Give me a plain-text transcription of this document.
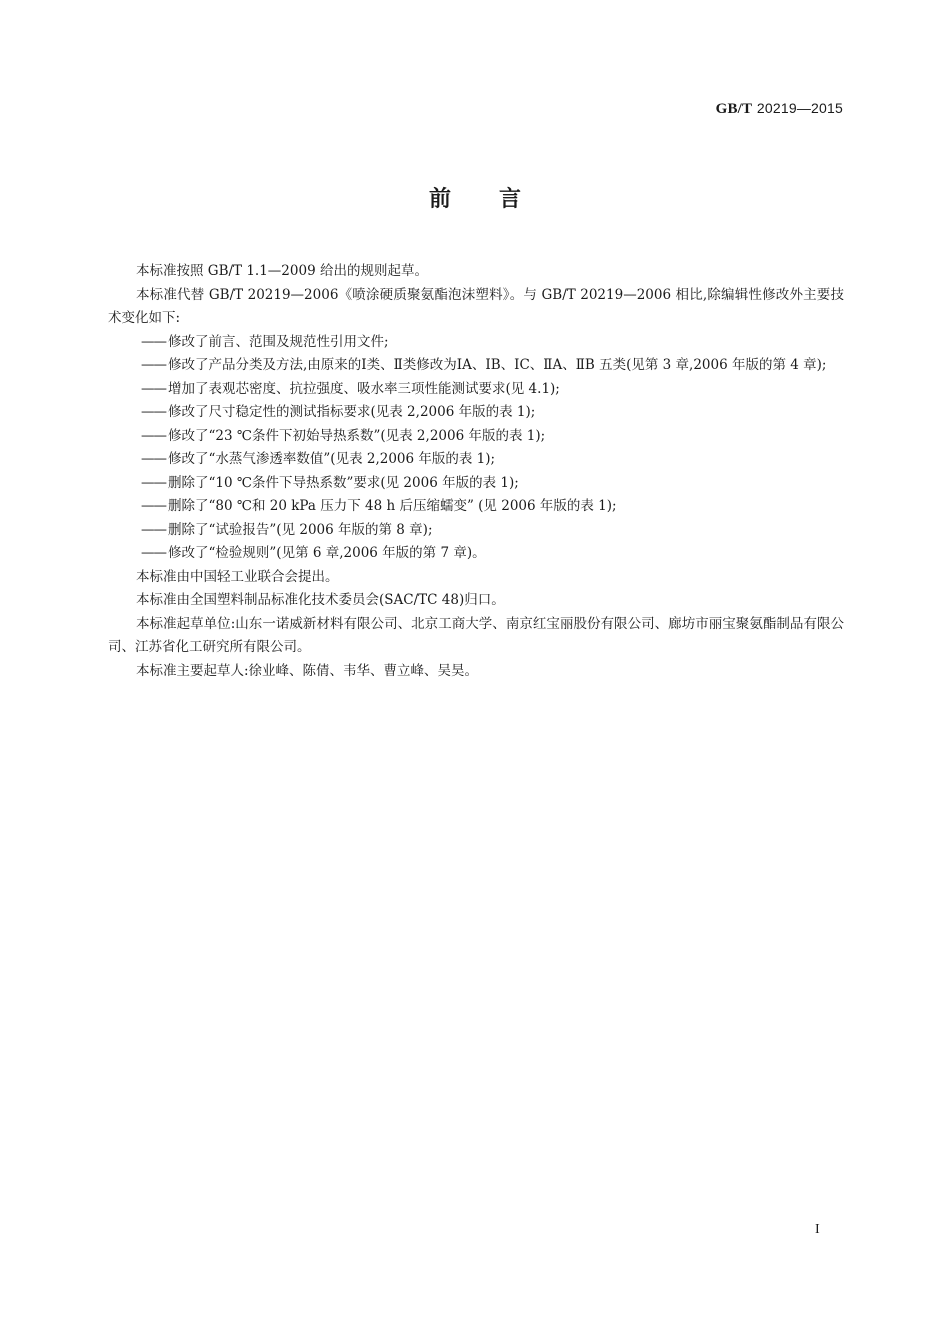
GB/T 20219—2015
前 言

本标准按照 GB/T 1.1—2009 给出的规则起草。

本标准代替 GB/T 20219—2006《喷涂硬质聚氨酯泡沫塑料》。与 GB/T 20219—2006 相比,除编辑性修改外主要技术变化如下:

—— 修改了前言、范围及规范性引用文件;

—— 修改了产品分类及方法,由原来的Ⅰ类、Ⅱ类修改为ⅠA、ⅠB、ⅠC、ⅡA、ⅡB 五类(见第 3 章,2006 年版的第 4 章);

—— 增加了表观芯密度、抗拉强度、吸水率三项性能测试要求(见 4.1);

—— 修改了尺寸稳定性的测试指标要求(见表 2,2006 年版的表 1);

—— 修改了“23 ℃条件下初始导热系数”(见表 2,2006 年版的表 1);

—— 修改了“水蒸气渗透率数值”(见表 2,2006 年版的表 1);

—— 删除了“10 ℃条件下导热系数”要求(见 2006 年版的表 1);

—— 删除了“80 ℃和 20 kPa 压力下 48 h 后压缩蠕变” (见 2006 年版的表 1);

—— 删除了“试验报告”(见 2006 年版的第 8 章);

—— 修改了“检验规则”(见第 6 章,2006 年版的第 7 章)。

本标准由中国轻工业联合会提出。

本标准由全国塑料制品标准化技术委员会(SAC/TC 48)归口。

本标准起草单位:山东一诺威新材料有限公司、北京工商大学、南京红宝丽股份有限公司、廊坊市丽宝聚氨酯制品有限公司、江苏省化工研究所有限公司。

本标准主要起草人:徐业峰、陈倩、韦华、曹立峰、吴昊。

I
